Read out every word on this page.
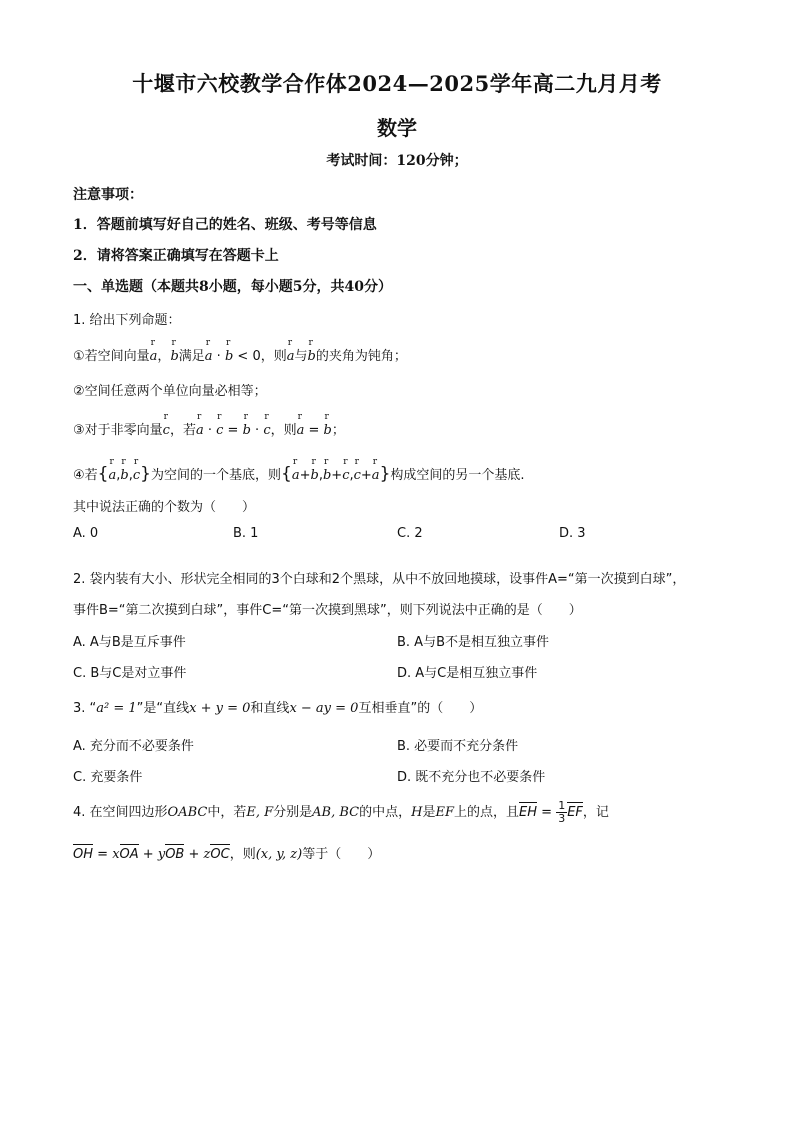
十堰市六校教学合作体2024—2025学年高二九月月考
数学
考试时间：120分钟；
注意事项：
1．答题前填写好自己的姓名、班级、考号等信息
2．请将答案正确填写在答题卡上
一、单选题（本题共8小题，每小题5分，共40分）
1. 给出下列命题：
①若空间向量r a，r b满足r a · r b < 0，则r a与r b的夹角为钝角；
②空间任意两个单位向量必相等；
③对于非零向量r c，若r a · r c = r b · r c，则r a = r b；
④若{r a,r b,r c}为空间的一个基底，则{r a+r b,r b+r c,r c+r a}构成空间的另一个基底.
其中说法正确的个数为（　　）
A. 0	B. 1	C. 2	D. 3
2. 袋内装有大小、形状完全相同的3个白球和2个黑球，从中不放回地摸球，设事件A=“第一次摸到白球”，
事件B=“第二次摸到白球”，事件C=“第一次摸到黑球”，则下列说法中正确的是（　　）
A. A与B是互斥事件	B. A与B不是相互独立事件
C. B与C是对立事件	D. A与C是相互独立事件
3. “a² = 1”是“直线x + y = 0和直线x − ay = 0互相垂直”的（　　）
A. 充分而不必要条件	B. 必要而不充分条件
C. 充要条件	D. 既不充分也不必要条件
4. 在空间四边形OABC中，若E, F分别是AB, BC的中点，H是EF上的点，且EH = $\frac{1}{3}$ EF，记
OH = xOA + yOB + zOC，则(x, y, z)等于（　　）
